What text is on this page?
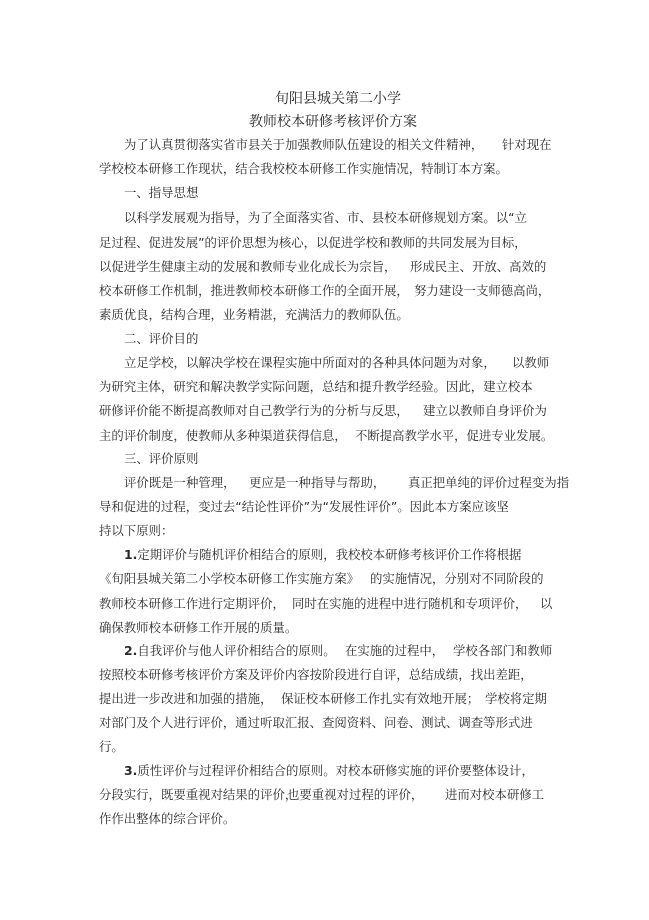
旬阳县城关第二小学
教师校本研修考核评价方案
为了认真贯彻落实省市县关于加强教师队伍建设的相关文件精神， 针对现在
学校校本研修工作现状，结合我校校本研修工作实施情况，特制订本方案。
一、指导思想
以科学发展观为指导，为了全面落实省、市、县校本研修规划方案。以“立
足过程、促进发展”的评价思想为核心，以促进学校和教师的共同发展为目标，
以促进学生健康主动的发展和教师专业化成长为宗旨， 形成民主、开放、高效的
校本研修工作机制，推进教师校本研修工作的全面开展， 努力建设一支师德高尚，
素质优良，结构合理，业务精湛，充满活力的教师队伍。
二、评价目的
立足学校，以解决学校在课程实施中所面对的各种具体问题为对象， 以教师
为研究主体，研究和解决教学实际问题，总结和提升教学经验。因此，建立校本
研修评价能不断提高教师对自己教学行为的分析与反思， 建立以教师自身评价为
主的评价制度，使教师从多种渠道获得信息， 不断提高教学水平，促进专业发展。
三、评价原则
评价既是一种管理， 更应是一种指导与帮助， 真正把单纯的评价过程变为指
导和促进的过程，变过去“结论性评价”为“发展性评价”。因此本方案应该坚
持以下原则：
1.定期评价与随机评价相结合的原则，我校校本研修考核评价工作将根据
《旬阳县城关第二小学校本研修工作实施方案》 的实施情况，分别对不同阶段的
教师校本研修工作进行定期评价， 同时在实施的进程中进行随机和专项评价， 以
确保教师校本研修工作开展的质量。
2.自我评价与他人评价相结合的原则。 在实施的过程中， 学校各部门和教师
按照校本研修考核评价方案及评价内容按阶段进行自评，总结成绩，找出差距，
提出进一步改进和加强的措施， 保证校本研修工作扎实有效地开展； 学校将定期
对部门及个人进行评价，通过听取汇报、查阅资料、问卷、测试、调查等形式进
行。
3.质性评价与过程评价相结合的原则。对校本研修实施的评价要整体设计，
分段实行，既要重视对结果的评价，
也要重视对过程的评价， 进而对校本研修工
作作出整体的综合评价。
